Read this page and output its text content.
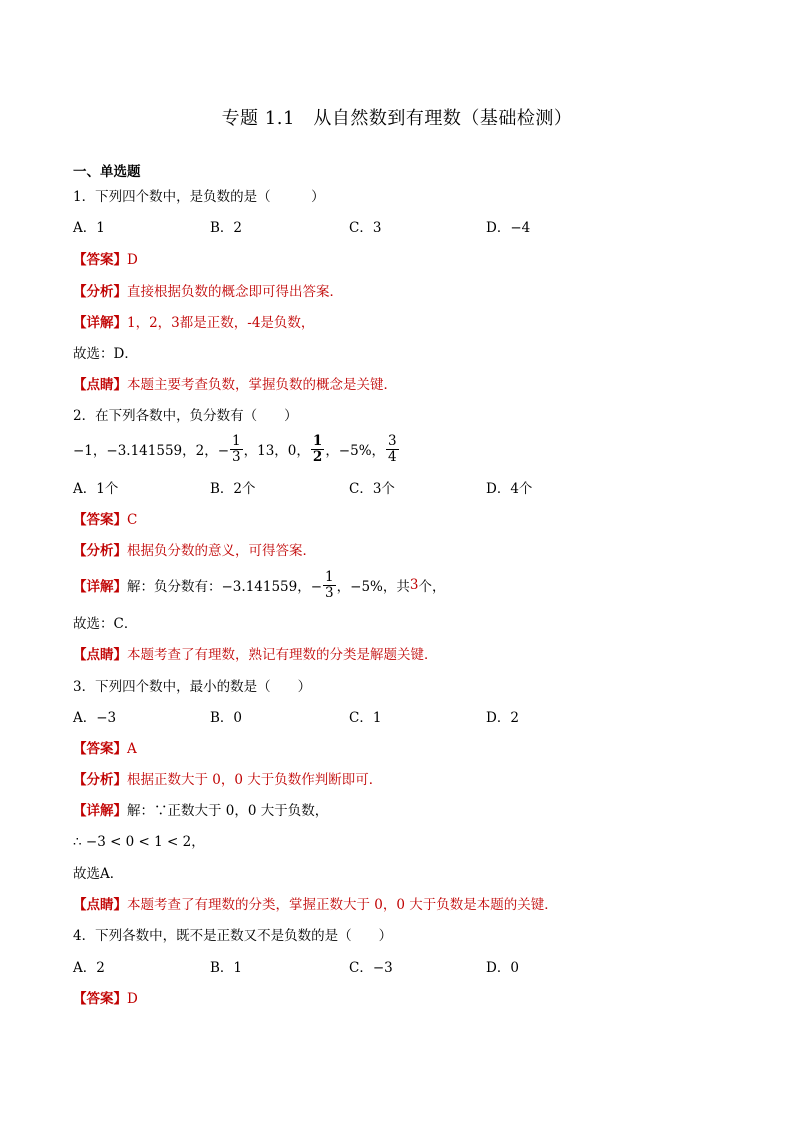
专题 1.1　从自然数到有理数（基础检测）
一、单选题
1．下列四个数中，是负数的是（　　　）
A．1	B．2	C．3	D．−4
【答案】D
【分析】直接根据负数的概念即可得出答案．
【详解】1，2，3都是正数，-4是负数，
故选：D．
【点睛】本题主要考查负数，掌握负数的概念是关键．
2．在下列各数中，负分数有（　　）
−1，−3.141559，2，− $\frac{1}{3}$ ，13，0， $\frac{1}{2}$ ，−5%， $\frac{3}{4}$
A．1个	B．2个	C．3个	D．4个
【答案】C
【分析】根据负分数的意义，可得答案．
【详解】 解：负分数有：−3.141559，− $\frac{1}{3}$ ，−5%，共 3 个，
故选：C．
【点睛】本题考查了有理数，熟记有理数的分类是解题关键．
3．下列四个数中，最小的数是（　　）
A．−3	B．0	C．1	D．2
【答案】A
【分析】根据正数大于 0，0 大于负数作判断即可．
【详解】解：∵正数大于 0，0 大于负数，
∴ −3 < 0 < 1 < 2，
故选A．
【点睛】本题考查了有理数的分类，掌握正数大于 0，0 大于负数是本题的关键．
4．下列各数中，既不是正数又不是负数的是（　　）
A．2	B．1	C．−3	D．0
【答案】D
